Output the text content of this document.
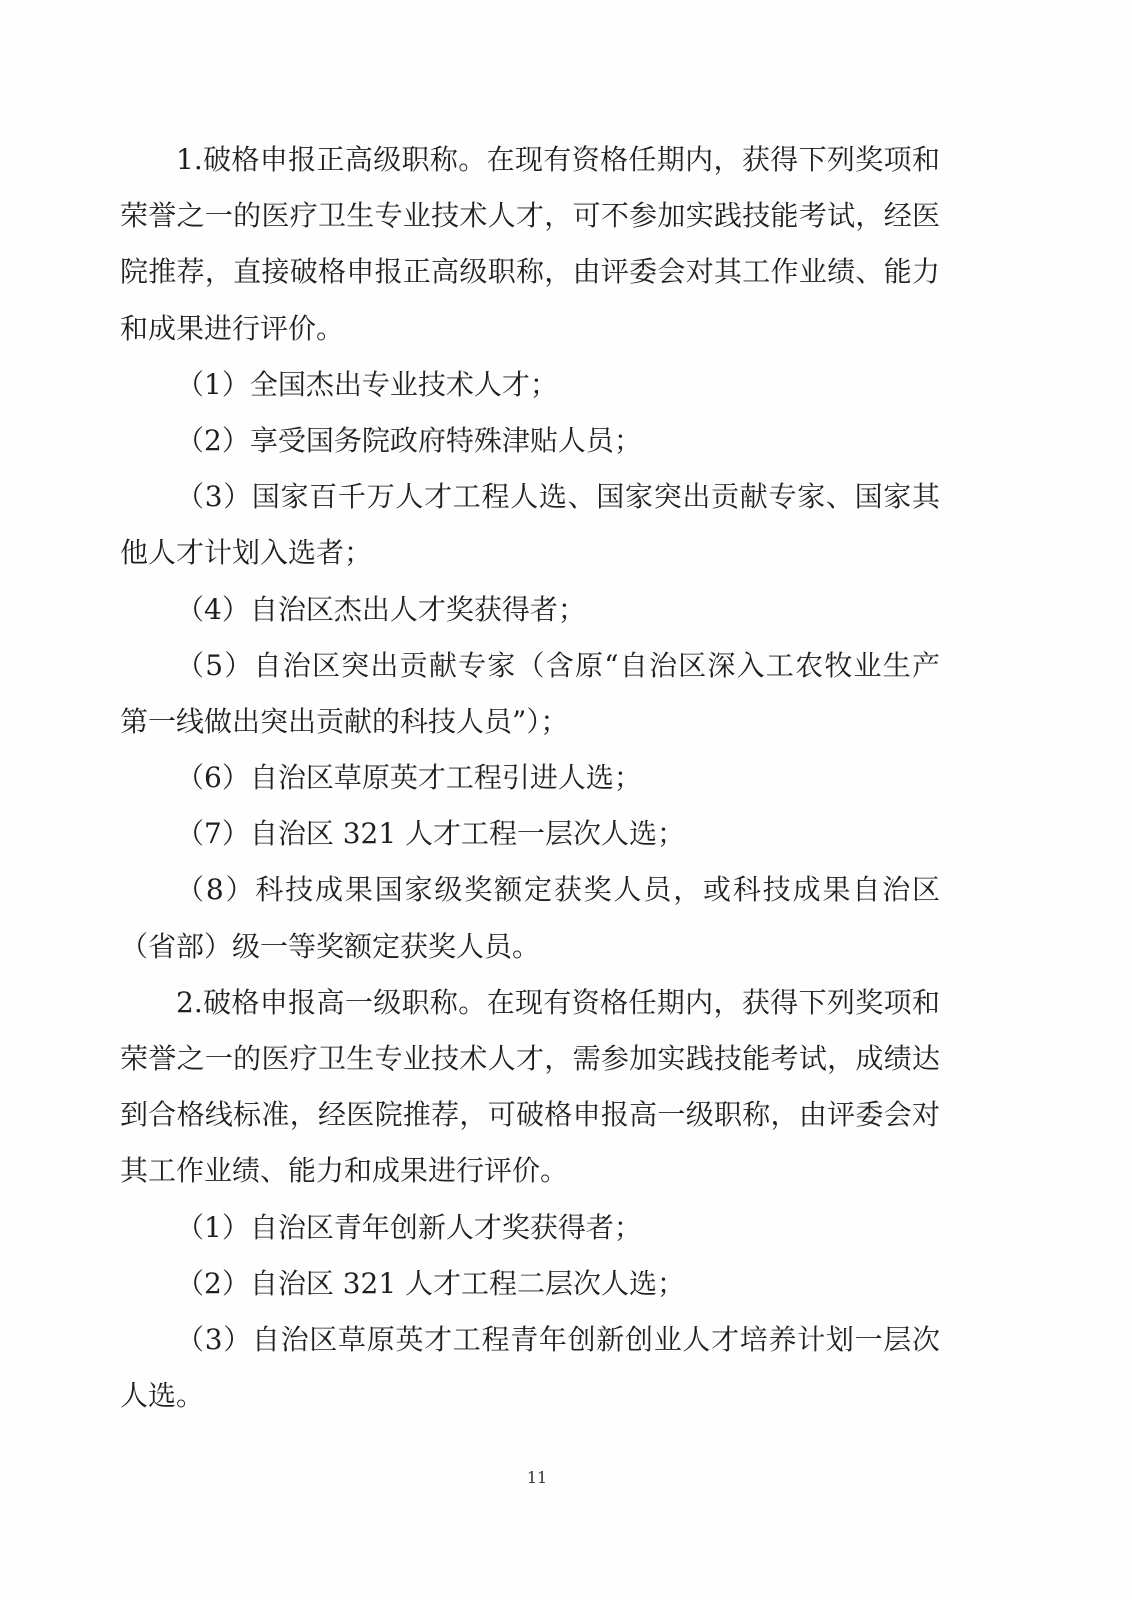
1.破格申报正高级职称。在现有资格任期内，获得下列奖项和
荣誉之一的医疗卫生专业技术人才，可不参加实践技能考试，经医
院推荐，直接破格申报正高级职称，由评委会对其工作业绩、能力
和成果进行评价。
（1）全国杰出专业技术人才；
（2）享受国务院政府特殊津贴人员；
（3）国家百千万人才工程人选、国家突出贡献专家、国家其
他人才计划入选者；
（4）自治区杰出人才奖获得者；
（5）自治区突出贡献专家（含原“自治区深入工农牧业生产
第一线做出突出贡献的科技人员”）；
（6）自治区草原英才工程引进人选；
（7）自治区 321 人才工程一层次人选；
（8）科技成果国家级奖额定获奖人员，或科技成果自治区
（省部）级一等奖额定获奖人员。
2.破格申报高一级职称。在现有资格任期内，获得下列奖项和
荣誉之一的医疗卫生专业技术人才，需参加实践技能考试，成绩达
到合格线标准，经医院推荐，可破格申报高一级职称，由评委会对
其工作业绩、能力和成果进行评价。
（1）自治区青年创新人才奖获得者；
（2）自治区 321 人才工程二层次人选；
（3）自治区草原英才工程青年创新创业人才培养计划一层次
人选。
11
